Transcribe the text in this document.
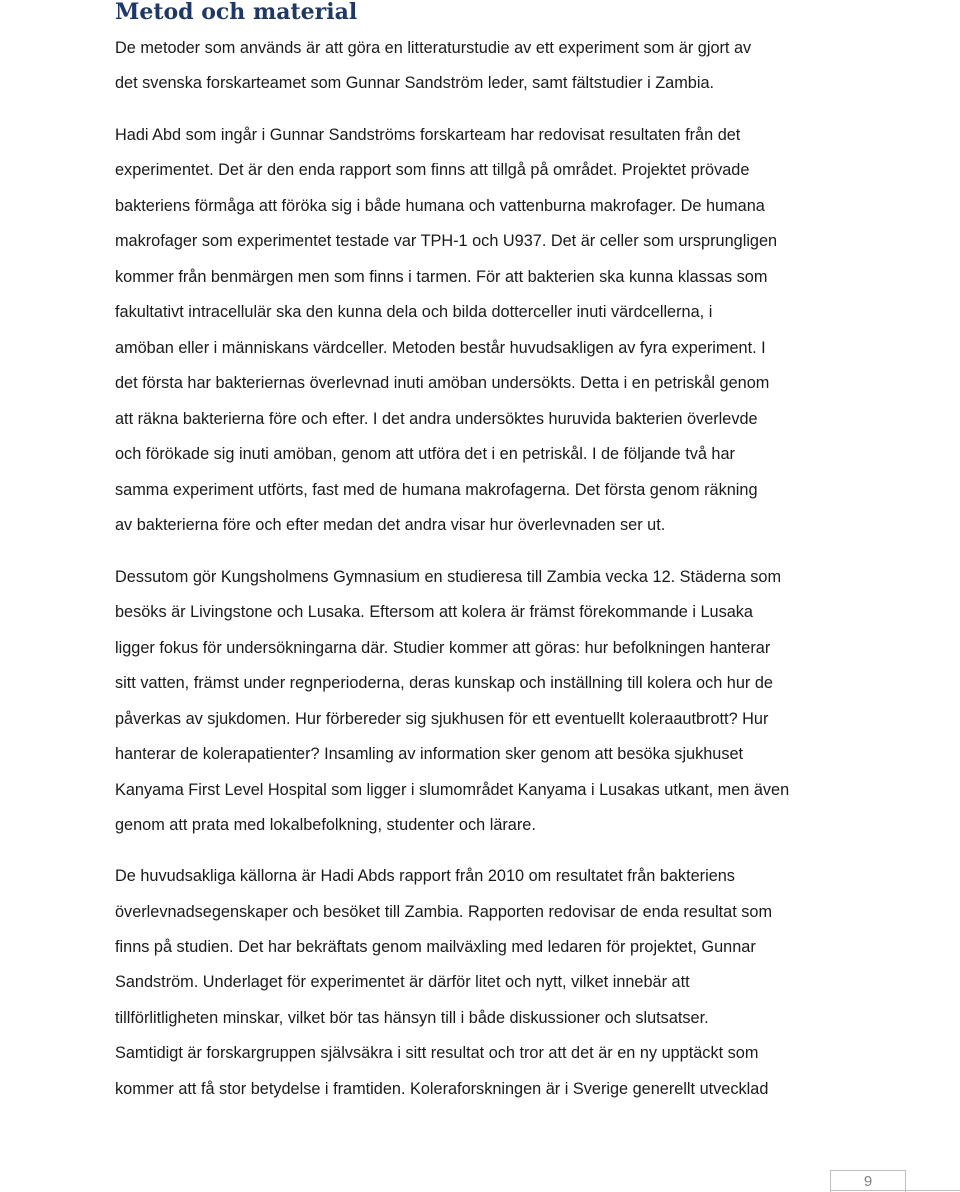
Metod och material

De metoder som används är att göra en litteraturstudie av ett experiment som är gjort av

det svenska forskarteamet som Gunnar Sandström leder, samt fältstudier i Zambia.

Hadi Abd som ingår i Gunnar Sandströms forskarteam har redovisat resultaten från det

experimentet. Det är den enda rapport som finns att tillgå på området. Projektet prövade

bakteriens förmåga att föröka sig i både humana och vattenburna makrofager. De humana

makrofager som experimentet testade var TPH-1 och U937. Det är celler som ursprungligen

kommer från benmärgen men som finns i tarmen. För att bakterien ska kunna klassas som

fakultativt intracellulär ska den kunna dela och bilda dotterceller inuti värdcellerna, i

amöban eller i människans värdceller. Metoden består huvudsakligen av fyra experiment. I

det första har bakteriernas överlevnad inuti amöban undersökts. Detta i en petriskål genom

att räkna bakterierna före och efter. I det andra undersöktes huruvida bakterien överlevde

och förökade sig inuti amöban, genom att utföra det i en petriskål. I de följande två har

samma experiment utförts, fast med de humana makrofagerna. Det första genom räkning

av bakterierna före och efter medan det andra visar hur överlevnaden ser ut.

Dessutom gör Kungsholmens Gymnasium en studieresa till Zambia vecka 12. Städerna som

besöks är Livingstone och Lusaka. Eftersom att kolera är främst förekommande i Lusaka

ligger fokus för undersökningarna där. Studier kommer att göras: hur befolkningen hanterar

sitt vatten, främst under regnperioderna, deras kunskap och inställning till kolera och hur de

påverkas av sjukdomen. Hur förbereder sig sjukhusen för ett eventuellt koleraautbrott? Hur

hanterar de kolerapatienter? Insamling av information sker genom att besöka sjukhuset

Kanyama First Level Hospital som ligger i slumområdet Kanyama i Lusakas utkant, men även

genom att prata med lokalbefolkning, studenter och lärare.

De huvudsakliga källorna är Hadi Abds rapport från 2010 om resultatet från bakteriens

överlevnadsegenskaper och besöket till Zambia. Rapporten redovisar de enda resultat som

finns på studien. Det har bekräftats genom mailväxling med ledaren för projektet, Gunnar

Sandström. Underlaget för experimentet är därför litet och nytt, vilket innebär att

tillförlitligheten minskar, vilket bör tas hänsyn till i både diskussioner och slutsatser.

Samtidigt är forskargruppen självsäkra i sitt resultat och tror att det är en ny upptäckt som

kommer att få stor betydelse i framtiden. Koleraforskningen är i Sverige generellt utvecklad

9
